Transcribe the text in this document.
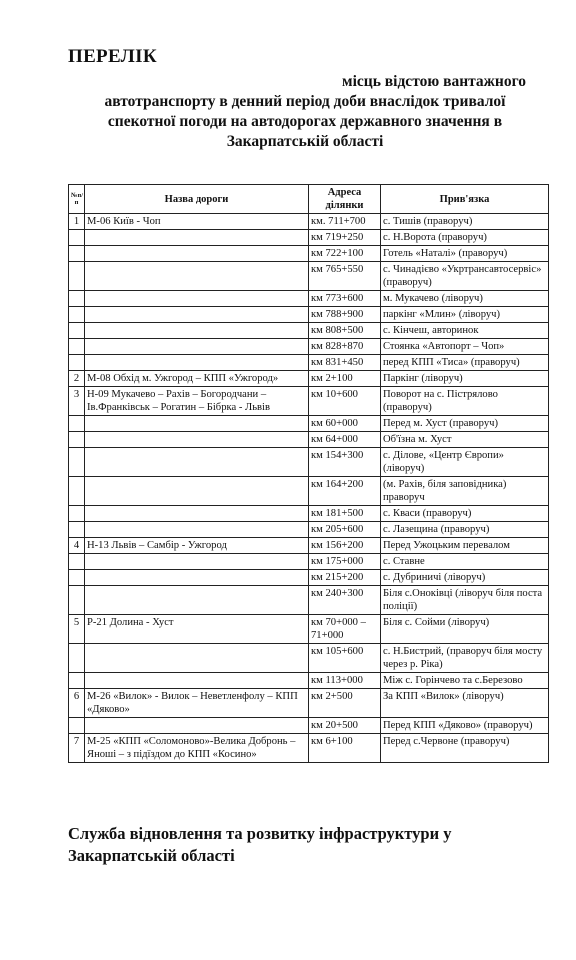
ПЕРЕЛІК
місць відстою вантажного
автотранспорту в денний період доби внаслідок тривалої
спекотної погоди на автодорогах державного значення в
Закарпатській області
№п/п	Назва дороги	Адреса ділянки	Прив'язка
1	М-06 Київ - Чоп	км. 711+700	с. Тишів (праворуч)
		км 719+250	с. Н.Ворота (праворуч)
		км 722+100	Готель «Наталі» (праворуч)
		км 765+550	с. Чинадієво «Укртрансавтосервіс» (праворуч)
		км 773+600	м. Мукачево (ліворуч)
		км 788+900	паркінг «Млин» (ліворуч)
		км 808+500	с. Кінчеш, авторинок
		км 828+870	Стоянка «Автопорт – Чоп»
		км 831+450	перед КПП «Тиса» (праворуч)
2	М-08 Обхід м. Ужгород – КПП «Ужгород»	км 2+100	Паркінг (ліворуч)
3	Н-09 Мукачево – Рахів – Богородчани – Ів.Франківськ – Рогатин – Бібрка - Львів	км 10+600	Поворот на с. Пістрялово (праворуч)
		км 60+000	Перед м. Хуст (праворуч)
		км 64+000	Об'їзна м. Хуст
		км 154+300	с. Ділове, «Центр Європи» (ліворуч)
		км 164+200	(м. Рахів, біля заповідника) праворуч
		км 181+500	с. Кваси (праворуч)
		км 205+600	с. Лазещина (праворуч)
4	Н-13 Львів – Самбір - Ужгород	км 156+200	Перед Ужоцьким перевалом
		км 175+000	с. Ставне
		км 215+200	с. Дубриничі (ліворуч)
		км 240+300	Біля с.Оноківці (ліворуч біля поста поліції)
5	Р-21 Долина - Хуст	км 70+000 – 71+000	Біля с. Сойми (ліворуч)
		км 105+600	с. Н.Бистрий, (праворуч біля мосту через р. Ріка)
		км 113+000	Між с. Горінчево та с.Березово
6	М-26 «Вилок» - Вилок – Неветленфолу – КПП «Дяково»	км 2+500	За КПП «Вилок» (ліворуч)
		км 20+500	Перед КПП «Дяково» (праворуч)
7	М-25 «КПП «Соломоново»-Велика Добронь – Яноші – з підїздом до КПП «Косино»	км 6+100	Перед с.Червоне (праворуч)
Служба відновлення та розвитку інфраструктури у Закарпатській області
